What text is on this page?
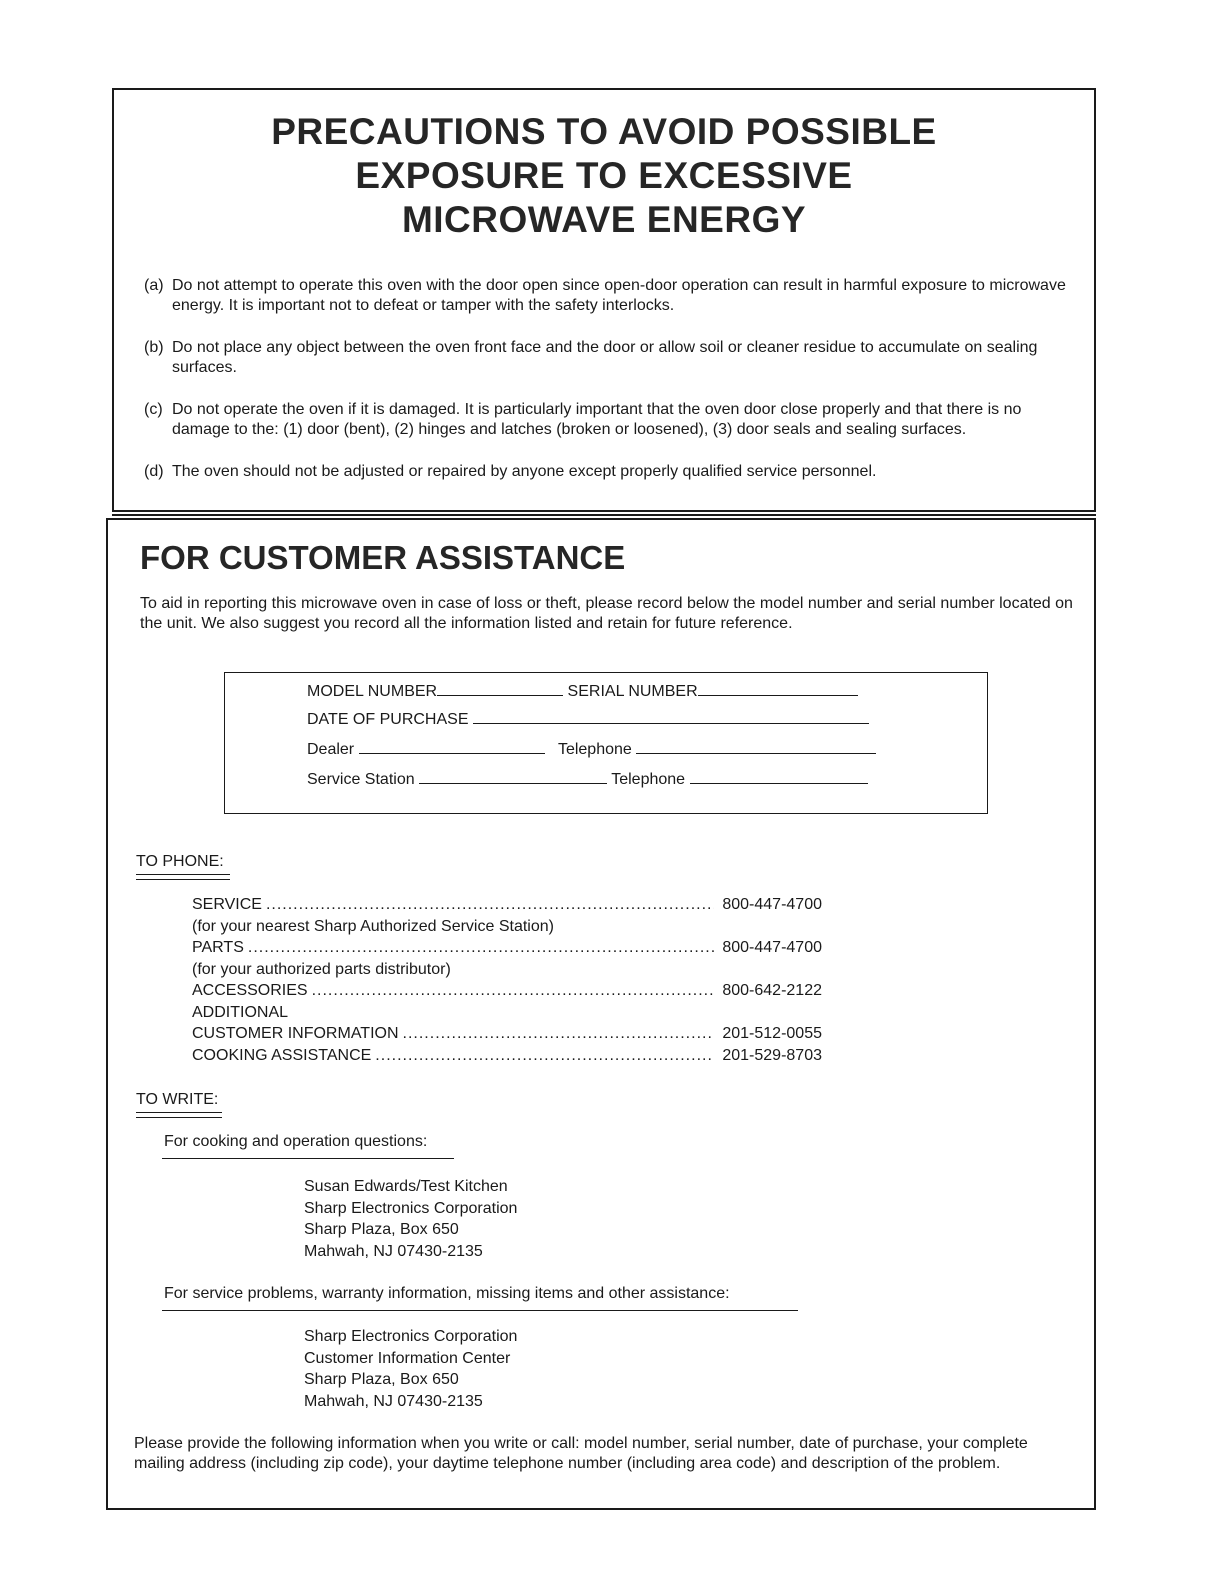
PRECAUTIONS TO AVOID POSSIBLE
EXPOSURE TO EXCESSIVE
MICROWAVE ENERGY
(a) Do not attempt to operate this oven with the door open since open-door operation can result in harmful exposure to microwave energy. It is important not to defeat or tamper with the safety interlocks.
(b) Do not place any object between the oven front face and the door or allow soil or cleaner residue to accumulate on sealing surfaces.
(c) Do not operate the oven if it is damaged. It is particularly important that the oven door close properly and that there is no damage to the: (1) door (bent), (2) hinges and latches (broken or loosened), (3) door seals and sealing surfaces.
(d) The oven should not be adjusted or repaired by anyone except properly qualified service personnel.
FOR CUSTOMER ASSISTANCE
To aid in reporting this microwave oven in case of loss or theft, please record below the model number and serial number located on the unit. We also suggest you record all the information listed and retain for future reference.
MODEL NUMBER	SERIAL NUMBER
DATE OF PURCHASE
Dealer	Telephone
Service Station	Telephone
TO PHONE:
SERVICE .....	800-447-4700
(for your nearest Sharp Authorized Service Station)
PARTS .....	800-447-4700
(for your authorized parts distributor)
ACCESSORIES .....	800-642-2122
ADDITIONAL
CUSTOMER INFORMATION .....	201-512-0055
COOKING ASSISTANCE .....	201-529-8703
TO WRITE:
For cooking and operation questions:
Susan Edwards/Test Kitchen
Sharp Electronics Corporation
Sharp Plaza, Box 650
Mahwah, NJ 07430-2135
For service problems, warranty information, missing items and other assistance:
Sharp Electronics Corporation
Customer Information Center
Sharp Plaza, Box 650
Mahwah, NJ 07430-2135
Please provide the following information when you write or call: model number, serial number, date of purchase, your complete mailing address (including zip code), your daytime telephone number (including area code) and description of the problem.
